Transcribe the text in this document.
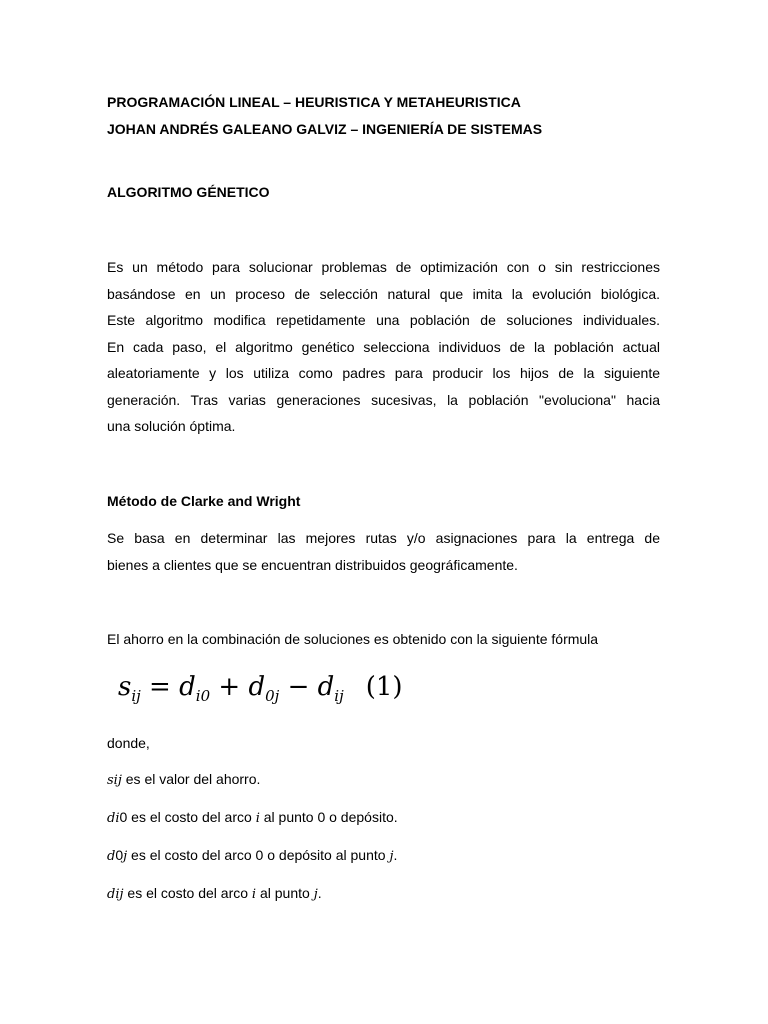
PROGRAMACIÓN LINEAL – HEURISTICA Y METAHEURISTICA
JOHAN ANDRÉS GALEANO GALVIZ – INGENIERÍA DE SISTEMAS
ALGORITMO GÉNETICO
Es un método para solucionar problemas de optimización con o sin restricciones
basándose en un proceso de selección natural que imita la evolución biológica.
Este algoritmo modifica repetidamente una población de soluciones individuales.
En cada paso, el algoritmo genético selecciona individuos de la población actual
aleatoriamente y los utiliza como padres para producir los hijos de la siguiente
generación. Tras varias generaciones sucesivas, la población "evoluciona" hacia
una solución óptima.
Método de Clarke and Wright
Se basa en determinar las mejores rutas y/o asignaciones para la entrega de
bienes a clientes que se encuentran distribuidos geográficamente.
El ahorro en la combinación de soluciones es obtenido con la siguiente fórmula
$s_{ij} = d_{i0} + d_{0j} - d_{ij}$ (1)
donde,
sij es el valor del ahorro.
di0 es el costo del arco i al punto 0 o depósito.
d0j es el costo del arco 0 o depósito al punto j.
dij es el costo del arco i al punto j.
